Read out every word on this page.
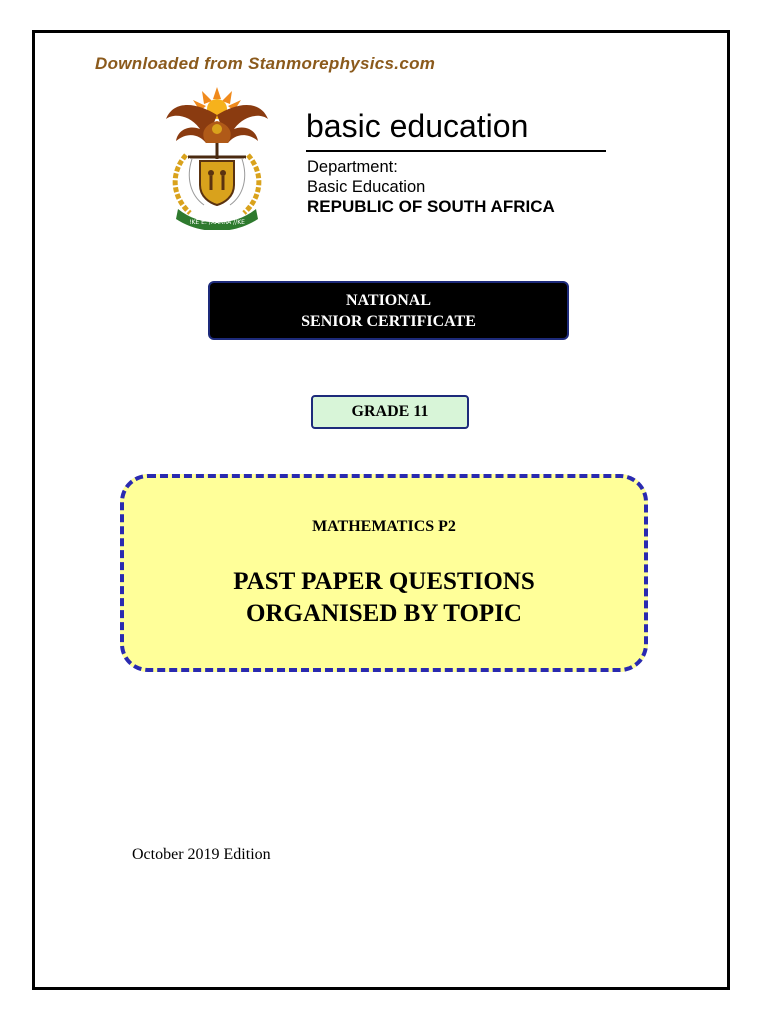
Downloaded from Stanmorephysics.com
!KE E: /XARRA //KE
basic education
Department:
Basic Education
REPUBLIC OF SOUTH AFRICA
NATIONAL
SENIOR CERTIFICATE
GRADE 11
MATHEMATICS P2
PAST PAPER QUESTIONS
ORGANISED BY TOPIC
October 2019 Edition
